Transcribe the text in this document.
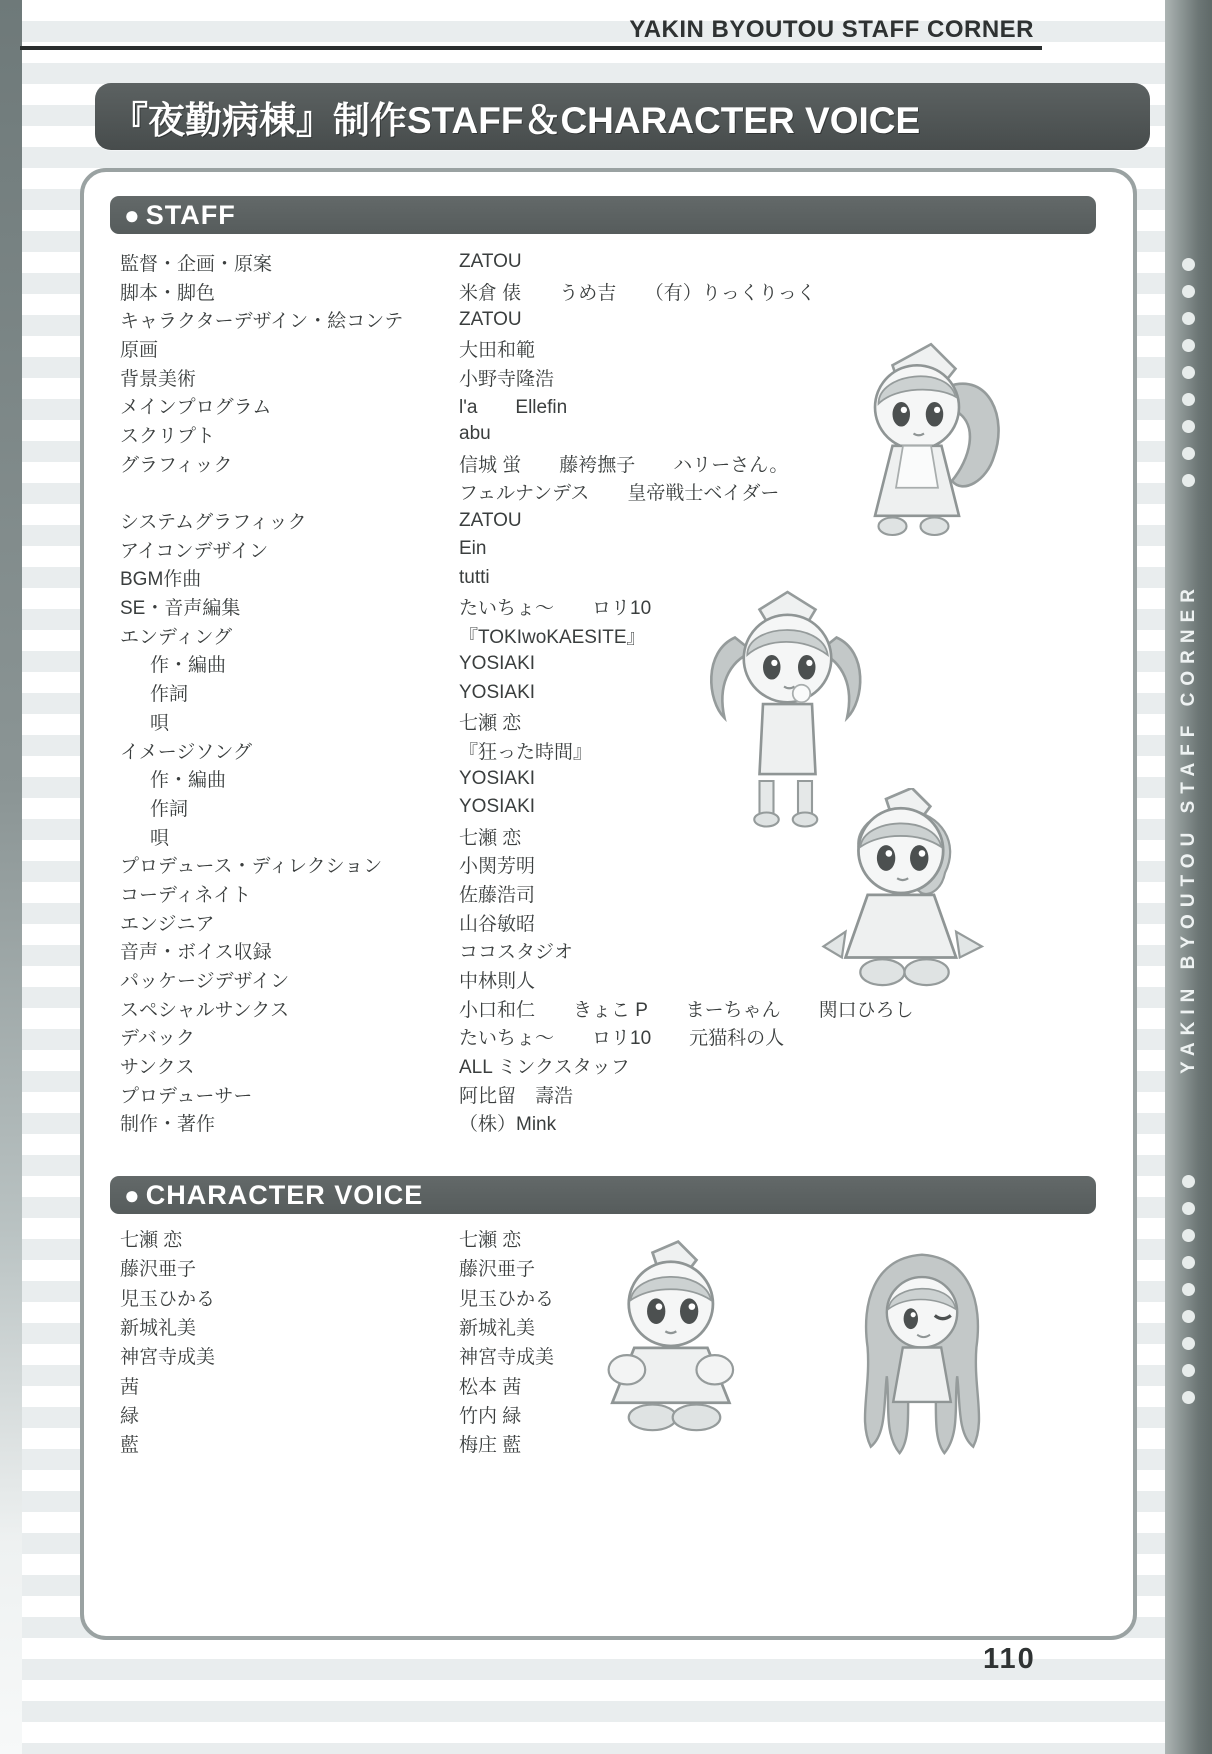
YAKIN BYOUTOU STAFF CORNER
『夜勤病棟』制作STAFF＆CHARACTER VOICE
● STAFF
監督・企画・原案	ZATOU
脚本・脚色	米倉 俵　　うめ吉　　（有）りっくりっく
キャラクターデザイン・絵コンテ	ZATOU
原画	大田和範
背景美術	小野寺隆浩
メインプログラム	l'a　　Ellefin
スクリプト	abu
グラフィック	信城 蛍　　藤袴撫子　　ハリーさん。
フェルナンデス　　皇帝戦士ベイダー
システムグラフィック	ZATOU
アイコンデザイン	Ein
BGM作曲	tutti
SE・音声編集	たいちょ～　　ロリ10
エンディング	『TOKIwoKAESITE』
作・編曲	YOSIAKI
作詞	YOSIAKI
唄	七瀬 恋
イメージソング	『狂った時間』
作・編曲	YOSIAKI
作詞	YOSIAKI
唄	七瀬 恋
プロデュース・ディレクション	小関芳明
コーディネイト	佐藤浩司
エンジニア	山谷敏昭
音声・ボイス収録	ココスタジオ
パッケージデザイン	中林則人
スペシャルサンクス	小口和仁　　きょこ P　　まーちゃん　　関口ひろし
デバック	たいちょ～　　ロリ10　　元猫科の人
サンクス	ALL ミンクスタッフ
プロデューサー	阿比留　壽浩
制作・著作	（株）Mink
● CHARACTER VOICE
七瀬 恋	七瀬 恋
藤沢亜子	藤沢亜子
児玉ひかる	児玉ひかる
新城礼美	新城礼美
神宮寺成美	神宮寺成美
茜	松本 茜
緑	竹内 緑
藍	梅庄 藍
YAKIN BYOUTOU STAFF CORNER
110
